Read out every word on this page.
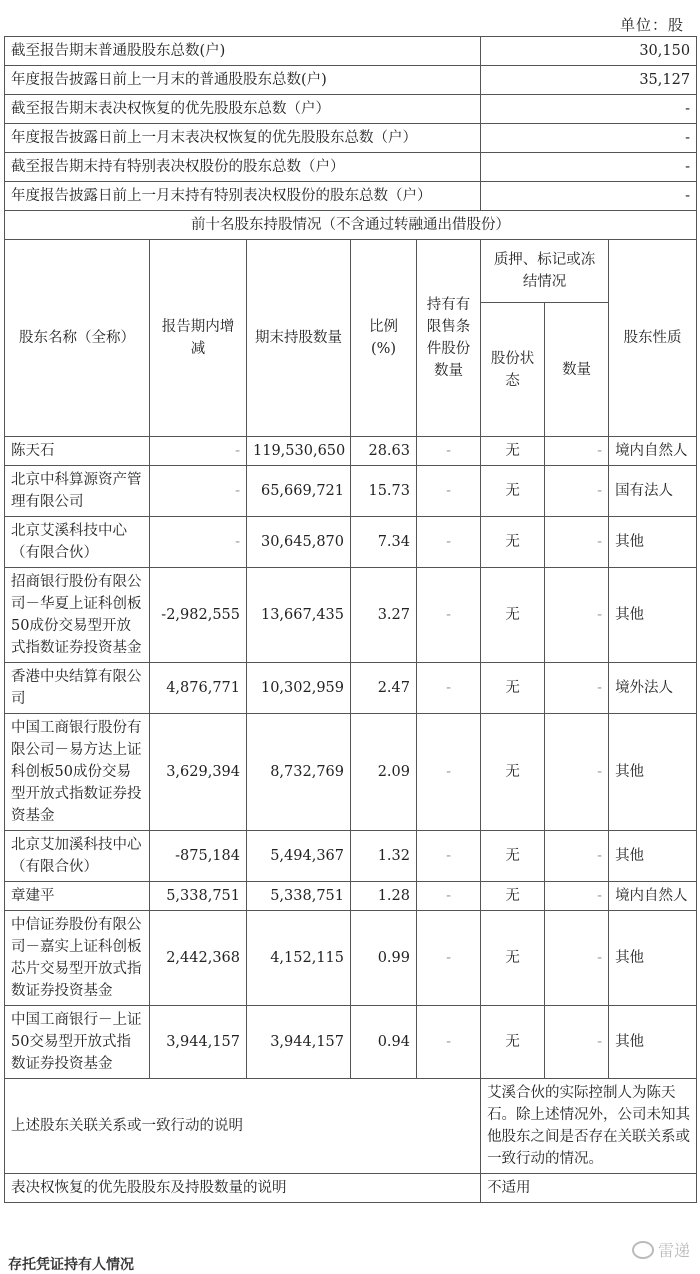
单位：股
截至报告期末普通股股东总数(户)					30,150		
年度报告披露日前上一月末的普通股股东总数(户)					35,127		
截至报告期末表决权恢复的优先股股东总数（户）					-		
年度报告披露日前上一月末表决权恢复的优先股股东总数（户）					-		
截至报告期末持有特别表决权股份的股东总数（户）					-		
年度报告披露日前上一月末持有特别表决权股份的股东总数（户）					-		
前十名股东持股情况（不含通过转融通出借股份）							
股东名称（全称）	报告期内增减	期末持股数量	比例(%)	持有有限售条件股份数量	质押、标记或冻结情况		股东性质
					股份状态	数量	
陈天石	-	119,530,650	28.63	-	无	-	境内自然人
北京中科算源资产管理有限公司	-	65,669,721	15.73	-	无	-	国有法人
北京艾溪科技中心（有限合伙）	-	30,645,870	7.34	-	无	-	其他
招商银行股份有限公司－华夏上证科创板50成份交易型开放式指数证券投资基金	-2,982,555	13,667,435	3.27	-	无	-	其他
香港中央结算有限公司	4,876,771	10,302,959	2.47	-	无	-	境外法人
中国工商银行股份有限公司－易方达上证科创板50成份交易型开放式指数证券投资基金	3,629,394	8,732,769	2.09	-	无	-	其他
北京艾加溪科技中心（有限合伙）	-875,184	5,494,367	1.32	-	无	-	其他
章建平	5,338,751	5,338,751	1.28	-	无	-	境内自然人
中信证券股份有限公司－嘉实上证科创板芯片交易型开放式指数证券投资基金	2,442,368	4,152,115	0.99	-	无	-	其他
中国工商银行－上证50交易型开放式指数证券投资基金	3,944,157	3,944,157	0.94	-	无	-	其他
上述股东关联关系或一致行动的说明					艾溪合伙的实际控制人为陈天石。除上述情况外，公司未知其他股东之间是否存在关联关系或一致行动的情况。		
表决权恢复的优先股股东及持股数量的说明					不适用		
雷递
存托凭证持有人情况
